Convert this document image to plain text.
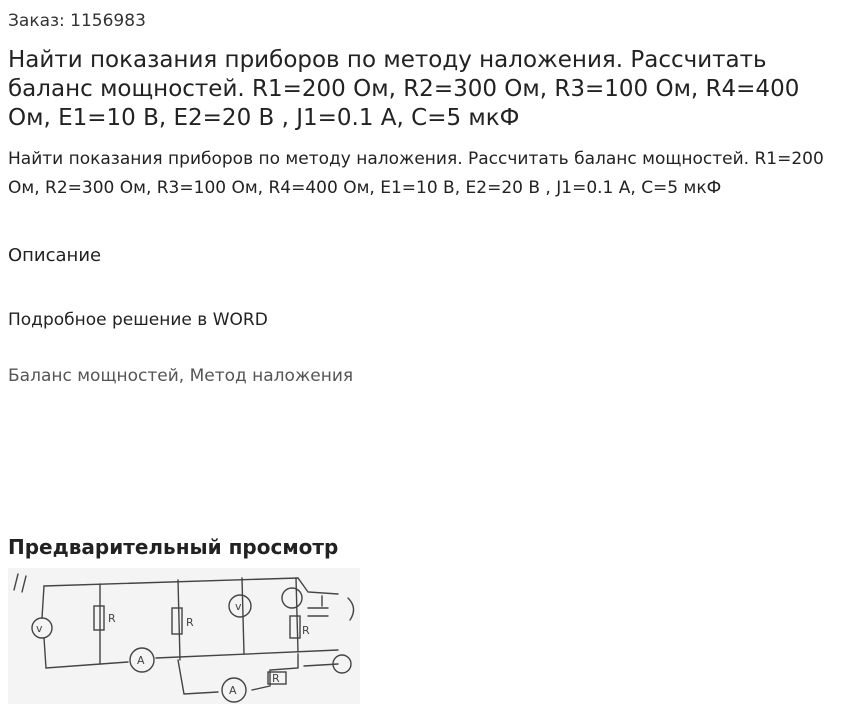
Заказ: 1156983
Найти показания приборов по методу наложения. Рассчитать баланс мощностей. R1=200 Ом, R2=300 Ом, R3=100 Ом, R4=400 Ом, E1=10 В, E2=20 В , J1=0.1 А, C=5 мкФ
Найти показания приборов по методу наложения. Рассчитать баланс мощностей. R1=200 Ом, R2=300 Ом, R3=100 Ом, R4=400 Ом, E1=10 В, E2=20 В , J1=0.1 А, C=5 мкФ
Описание
Подробное решение в WORD
Баланс мощностей, Метод наложения
Предварительный просмотр
v
A
v
A
R	R
R
R
